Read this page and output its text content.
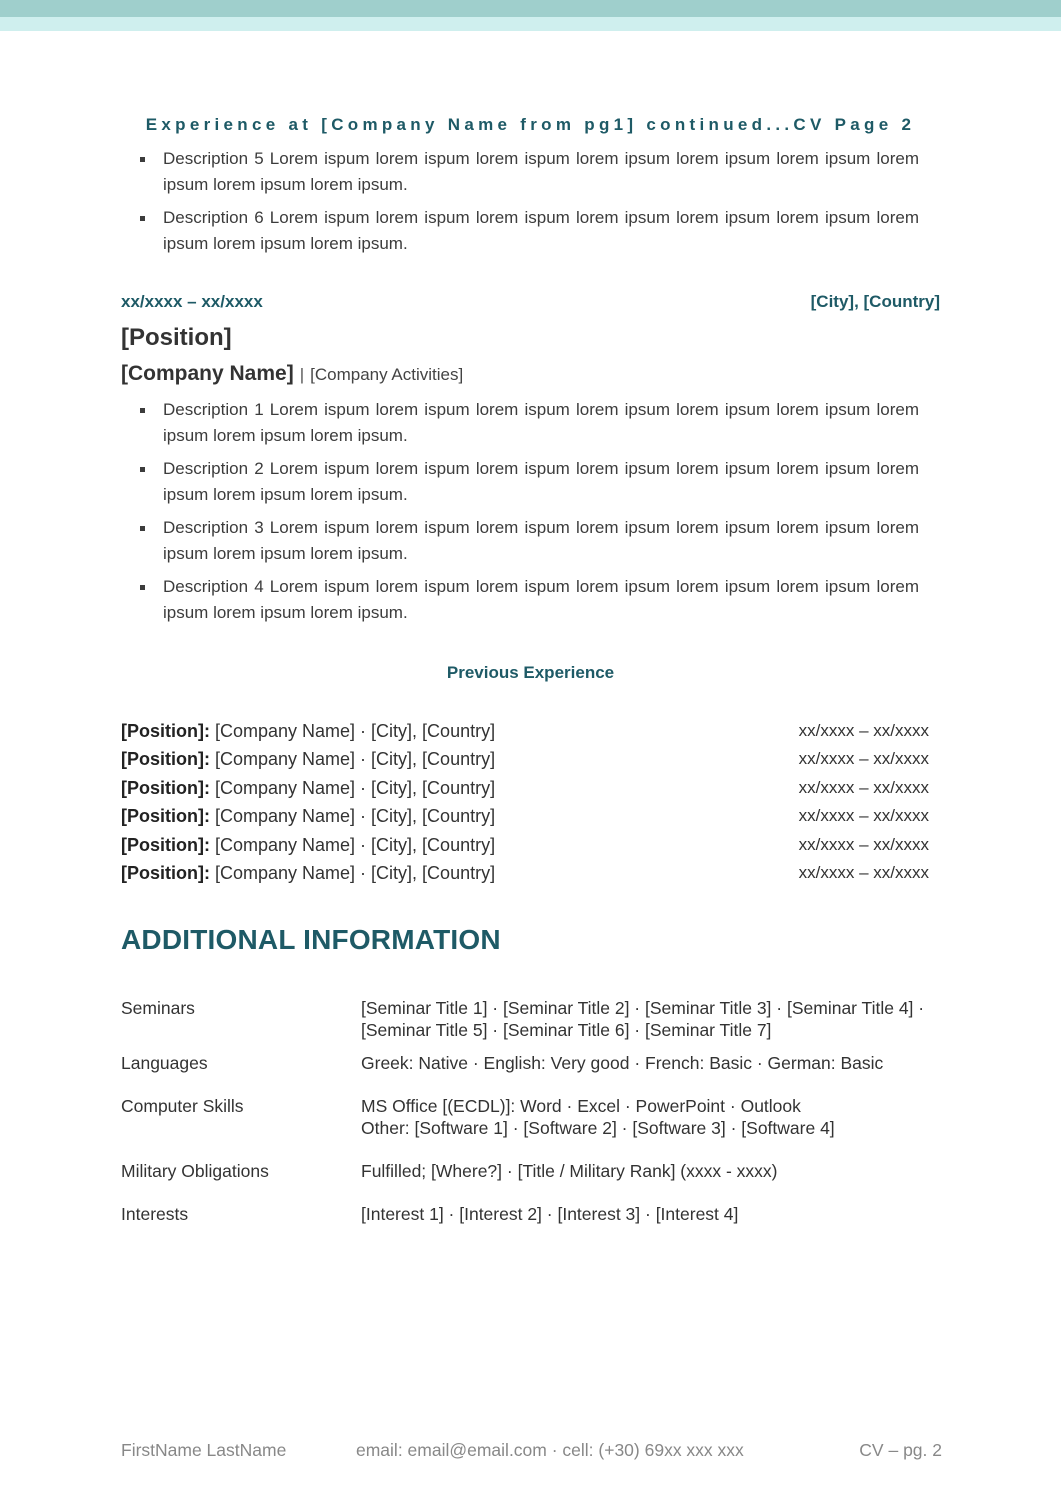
Experience at [Company Name from pg1] continued...CV Page 2
Description 5 Lorem ispum lorem ispum lorem ispum lorem ipsum lorem ipsum lorem ipsum lorem ipsum lorem ipsum lorem ipsum.
Description 6 Lorem ispum lorem ispum lorem ispum lorem ipsum lorem ipsum lorem ipsum lorem ipsum lorem ipsum lorem ipsum.
xx/xxxx – xx/xxxx	[City], [Country]
[Position]
[Company Name] | [Company Activities]
Description 1 Lorem ispum lorem ispum lorem ispum lorem ipsum lorem ipsum lorem ipsum lorem ipsum lorem ipsum lorem ipsum.
Description 2 Lorem ispum lorem ispum lorem ispum lorem ipsum lorem ipsum lorem ipsum lorem ipsum lorem ipsum lorem ipsum.
Description 3 Lorem ispum lorem ispum lorem ispum lorem ipsum lorem ipsum lorem ipsum lorem ipsum lorem ipsum lorem ipsum.
Description 4 Lorem ispum lorem ispum lorem ispum lorem ipsum lorem ipsum lorem ipsum lorem ipsum lorem ipsum lorem ipsum.
Previous Experience
[Position]: [Company Name] · [City], [Country]	xx/xxxx – xx/xxxx
[Position]: [Company Name] · [City], [Country]	xx/xxxx – xx/xxxx
[Position]: [Company Name] · [City], [Country]	xx/xxxx – xx/xxxx
[Position]: [Company Name] · [City], [Country]	xx/xxxx – xx/xxxx
[Position]: [Company Name] · [City], [Country]	xx/xxxx – xx/xxxx
[Position]: [Company Name] · [City], [Country]	xx/xxxx – xx/xxxx
ADDITIONAL INFORMATION
Seminars	[Seminar Title 1] · [Seminar Title 2] · [Seminar Title 3] · [Seminar Title 4] · [Seminar Title 5] · [Seminar Title 6] · [Seminar Title 7]
Languages	Greek: Native · English: Very good · French: Basic · German: Basic
Computer Skills	MS Office [(ECDL)]: Word · Excel · PowerPoint · Outlook
Other: [Software 1] · [Software 2] · [Software 3] · [Software 4]
Military Obligations	Fulfilled; [Where?] · [Title / Military Rank] (xxxx - xxxx)
Interests	[Interest 1] · [Interest 2] · [Interest 3] · [Interest 4]
FirstName LastName	email: email@email.com · cell: (+30) 69xx xxx xxx	CV – pg. 2
